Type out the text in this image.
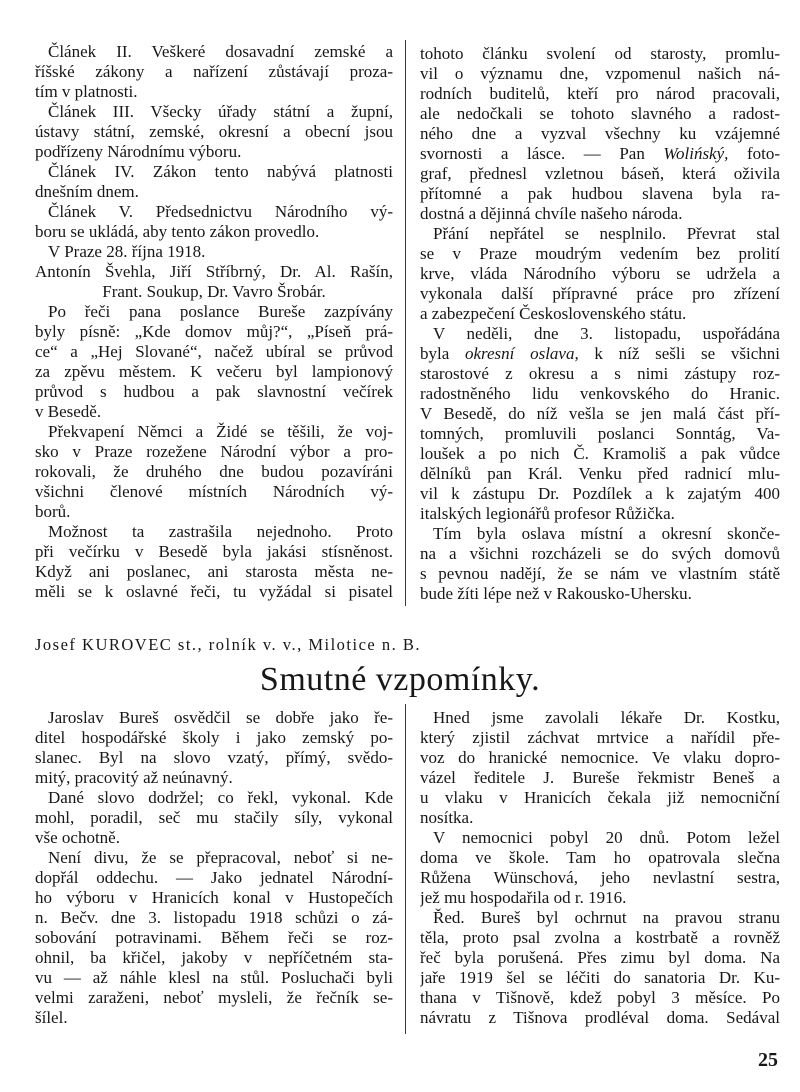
Článek II. Veškeré dosavadní zemské a
říšské zákony a nařízení zůstávají proza-
tím v platnosti.
Článek III. Všecky úřady státní a župní,
ústavy státní, zemské, okresní a obecní jsou
podřízeny Národnímu výboru.
Článek IV. Zákon tento nabývá platnosti
dnešním dnem.
Článek V. Předsednictvu Národního vý-
boru se ukládá, aby tento zákon provedlo.
V Praze 28. října 1918.
Antonín Švehla, Jiří Stříbrný, Dr. Al. Rašín,
Frant. Soukup, Dr. Vavro Šrobár.
Po řeči pana poslance Bureše zazpívány
byly písně: „Kde domov můj?“, „Píseň prá-
ce“ a „Hej Slované“, načež ubíral se průvod
za zpěvu městem. K večeru byl lampionový
průvod s hudbou a pak slavnostní večírek
v Besedě.
Překvapení Němci a Židé se těšili, že voj-
sko v Praze rozežene Národní výbor a pro-
rokovali, že druhého dne budou pozavíráni
všichni členové místních Národních vý-
borů.
Možnost ta zastrašila nejednoho. Proto
při večírku v Besedě byla jakási stísněnost.
Když ani poslanec, ani starosta města ne-
měli se k oslavné řeči, tu vyžádal si pisatel
tohoto článku svolení od starosty, promlu-
vil o významu dne, vzpomenul našich ná-
rodních buditelů, kteří pro národ pracovali,
ale nedočkali se tohoto slavného a radost-
ného dne a vyzval všechny ku vzájemné
svornosti a lásce. — Pan Wolińský, foto-
graf, přednesl vzletnou báseň, která oživila
přítomné a pak hudbou slavena byla ra-
dostná a dějinná chvíle našeho národa.
Přání nepřátel se nesplnilo. Převrat stal
se v Praze moudrým vedením bez prolití
krve, vláda Národního výboru se udržela a
vykonala další přípravné práce pro zřízení
a zabezpečení Československého státu.
V neděli, dne 3. listopadu, uspořádána
byla okresní oslava, k níž sešli se všichni
starostové z okresu a s nimi zástupy roz-
radostněného lidu venkovského do Hranic.
V Besedě, do níž vešla se jen malá část pří-
tomných, promluvili poslanci Sonntág, Va-
loušek a po nich Č. Kramoliš a pak vůdce
dělníků pan Král. Venku před radnicí mlu-
vil k zástupu Dr. Pozdílek a k zajatým 400
italských legionářů profesor Růžička.
Tím byla oslava místní a okresní skonče-
na a všichni rozcházeli se do svých domovů
s pevnou nadějí, že se nám ve vlastním státě
bude žíti lépe než v Rakousko-Uhersku.
Josef KUROVEC st., rolník v. v., Milotice n. B.
Smutné vzpomínky.
Jaroslav Bureš osvědčil se dobře jako ře-
ditel hospodářské školy i jako zemský po-
slanec. Byl na slovo vzatý, přímý, svědo-
mitý, pracovitý až neúnavný.
Dané slovo dodržel; co řekl, vykonal. Kde
mohl, poradil, seč mu stačily síly, vykonal
vše ochotně.
Není divu, že se přepracoval, neboť si ne-
dopřál oddechu. — Jako jednatel Národní-
ho výboru v Hranicích konal v Hustopečích
n. Bečv. dne 3. listopadu 1918 schůzi o zá-
sobování potravinami. Během řeči se roz-
ohnil, ba křičel, jakoby v nepříčetném sta-
vu — až náhle klesl na stůl. Posluchači byli
velmi zaraženi, neboť mysleli, že řečník se-
šílel.
Hned jsme zavolali lékaře Dr. Kostku,
který zjistil záchvat mrtvice a nařídil pře-
voz do hranické nemocnice. Ve vlaku dopro-
vázel ředitele J. Bureše řekmistr Beneš a
u vlaku v Hranicích čekala již nemocniční
nosítka.
V nemocnici pobyl 20 dnů. Potom ležel
doma ve škole. Tam ho opatrovala slečna
Růžena Wünschová, jeho nevlastní sestra,
jež mu hospodařila od r. 1916.
Řed. Bureš byl ochrnut na pravou stranu
těla, proto psal zvolna a kostrbatě a rovněž
řeč byla porušená. Přes zimu byl doma. Na
jaře 1919 šel se léčiti do sanatoria Dr. Ku-
thana v Tišnově, kdež pobyl 3 měsíce. Po
návratu z Tišnova prodléval doma. Sedával
25
